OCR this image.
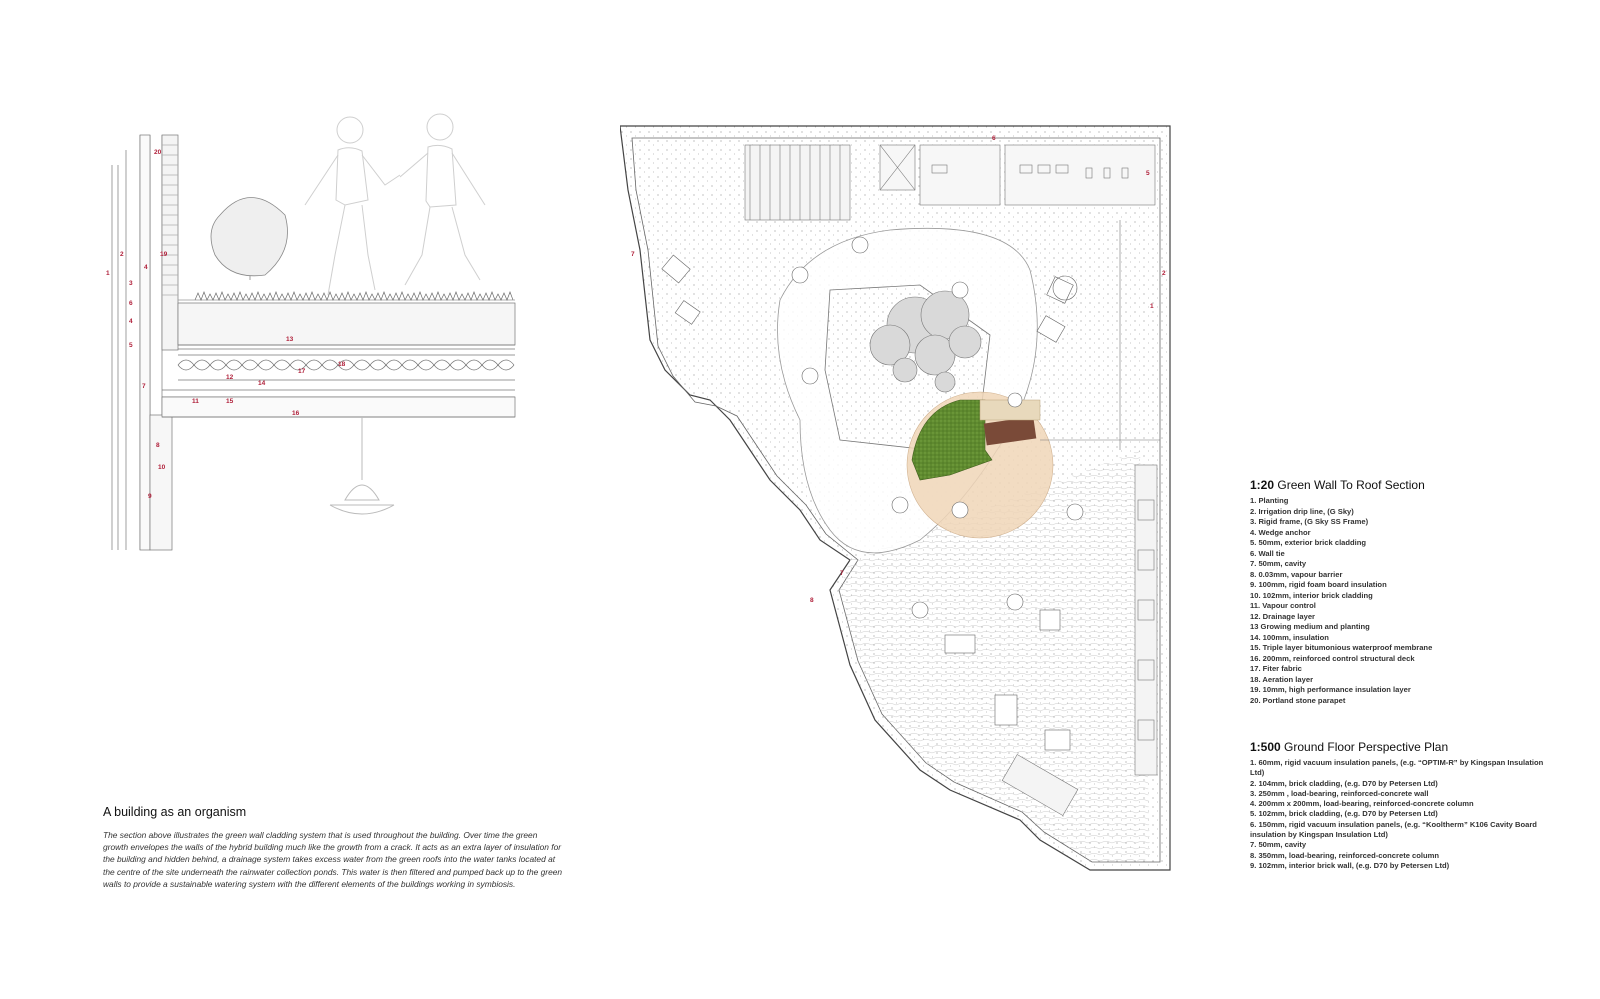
20
2	19
1
3
4
6
4
5
7
8
10
9
13
18
17
12
14
11	15
16
6
5
2
1
7
7
8
A building as an organism

The section above illustrates the green wall cladding system that is used throughout the building. Over time the green growth envelopes the walls of the hybrid building much like the growth from a crack. It acts as an extra layer of insulation for the building and hidden behind, a drainage system takes excess water from the green roofs into the water tanks located at the centre of the site underneath the rainwater collection ponds. This water is then filtered and pumped back up to the green walls to provide a sustainable watering system with the different elements of the buildings working in symbiosis.

1:20 Green Wall To Roof Section
1. Planting
2. Irrigation drip line, (G Sky)
3. Rigid frame, (G Sky SS Frame)
4. Wedge anchor
5. 50mm, exterior brick cladding
6. Wall tie
7. 50mm, cavity
8. 0.03mm, vapour barrier
9. 100mm, rigid foam board insulation
10. 102mm, interior brick cladding
11. Vapour control
12. Drainage layer
13 Growing medium and planting
14. 100mm, insulation
15. Triple layer bitumonious waterproof membrane
16. 200mm, reinforced control structural deck
17. Fiter fabric
18. Aeration layer
19. 10mm, high performance insulation layer
20. Portland stone parapet
1:500 Ground Floor Perspective Plan
1. 60mm, rigid vacuum insulation panels, (e.g. “OPTIM-R” by Kingspan Insulation Ltd)
2. 104mm, brick cladding, (e.g. D70 by Petersen Ltd)
3. 250mm , load-bearing, reinforced-concrete wall
4. 200mm x 200mm, load-bearing, reinforced-concrete column
5. 102mm, brick cladding, (e.g. D70 by Petersen Ltd)
6. 150mm, rigid vacuum insulation panels, (e.g. “Kooltherm” K106 Cavity Board insulation by Kingspan Insulation Ltd)
7. 50mm, cavity
8. 350mm, load-bearing, reinforced-concrete column
9. 102mm, interior brick wall, (e.g. D70 by Petersen Ltd)
